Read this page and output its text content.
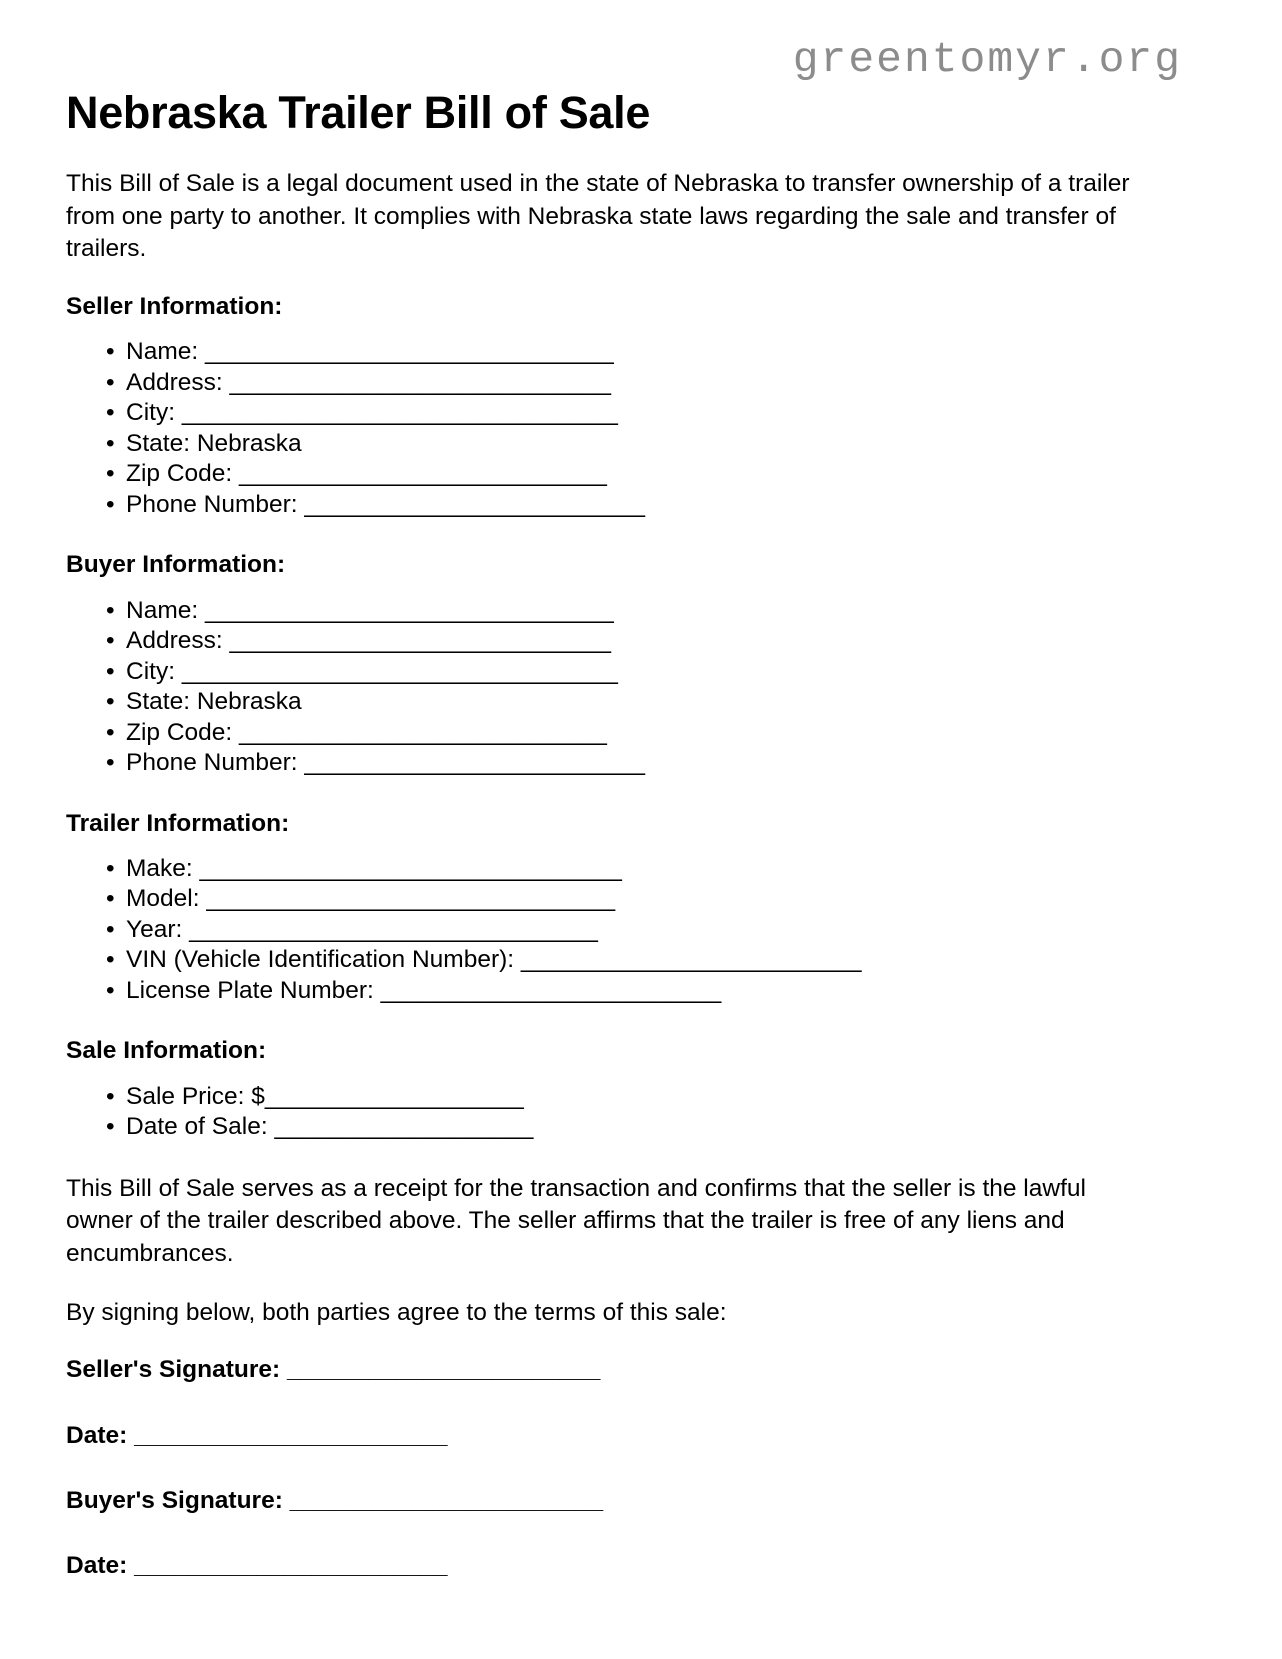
greentomyr.org
Nebraska Trailer Bill of Sale

This Bill of Sale is a legal document used in the state of Nebraska to transfer ownership of a trailer from one party to another. It complies with Nebraska state laws regarding the sale and transfer of trailers.

Seller Information:
• Name: ______________________________
• Address: ____________________________
• City: ________________________________
• State: Nebraska
• Zip Code: ___________________________
• Phone Number: _________________________
Buyer Information:
• Name: ______________________________
• Address: ____________________________
• City: ________________________________
• State: Nebraska
• Zip Code: ___________________________
• Phone Number: _________________________
Trailer Information:
• Make: _______________________________
• Model: ______________________________
• Year: ______________________________
• VIN (Vehicle Identification Number): _________________________
• License Plate Number: _________________________
Sale Information:
• Sale Price: $___________________
• Date of Sale: ___________________

This Bill of Sale serves as a receipt for the transaction and confirms that the seller is the lawful owner of the trailer described above. The seller affirms that the trailer is free of any liens and encumbrances.

By signing below, both parties agree to the terms of this sale:

Seller's Signature: _______________________

Date: _______________________

Buyer's Signature: _______________________

Date: _______________________
